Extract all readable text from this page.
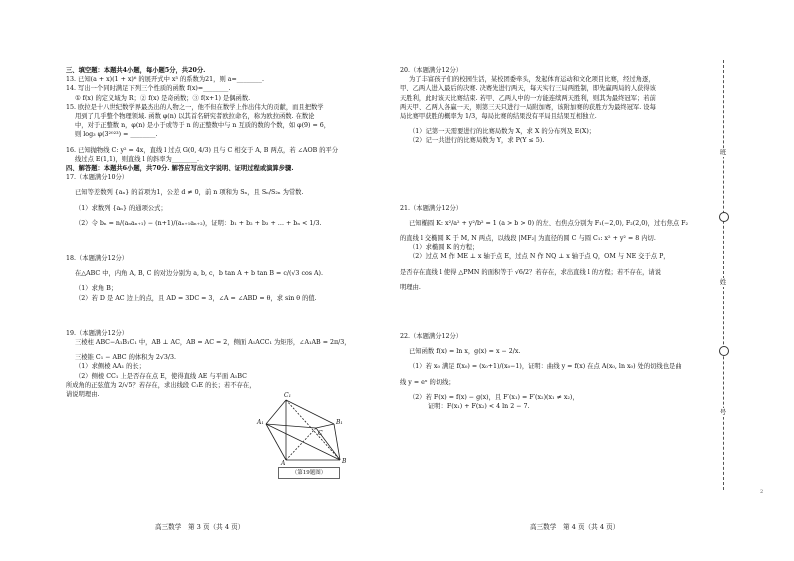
三、填空题：本题共4小题，每小题5分，共20分.

13. 已知(a + x)(1 + x)⁶ 的展开式中 x³ 的系数为21，则 a=________.

14. 写出一个同时满足下列三个性质的函数 f(x)=________.

① f(x) 的定义域为 R；② f(x) 是奇函数；③ f(x+1) 是偶函数.

15. 欧拉是十八世纪数学界最杰出的人物之一，他不但在数学上作出伟大的贡献，而且把数学

用到了几乎整个物理领域. 函数 φ(n) 以其首名研究者欧拉命名，称为欧拉函数. 在数论

中，对于正整数 n，φ(n) 是小于或等于 n 的正整数中与 n 互质的数的个数，如 φ(9) = 6，

则 log₃ φ(3²⁰²³) = ________.

16. 已知抛物线 C: y² = 4x，直线 l 过点 G(0, 4/3) 且与 C 相交于 A, B 两点，若 ∠AOB 的平分

线过点 E(1,1)，则直线 l 的斜率为________.

四、解答题：本题共6小题，共70分. 解答应写出文字说明、证明过程或演算步骤.

17.（本题满分10分）

已知等差数列 {aₙ} 的首项为1，公差 d ≠ 0，前 n 项和为 Sₙ，且 Sₙ/S₂ₙ 为常数.

（1）求数列 {aₙ} 的通项公式；

（2）令 bₙ = n/(aₙaₙ₊₁) − (n+1)/(aₙ₊₁aₙ₊₂)，证明：b₁ + b₂ + b₃ + … + bₙ < 1/3.

18.（本题满分12分）

在△ABC 中，内角 A, B, C 的对边分别为 a, b, c，b tan A + b tan B = c/(√3 cos A).

（1）求角 B；

（2）若 D 是 AC 边上的点，且 AD = 3DC = 3，∠A = ∠ABD = θ，求 sin θ 的值.

19.（本题满分12分）

三棱柱 ABC−A₁B₁C₁ 中，AB ⊥ AC，AB = AC = 2，侧面 A₁ACC₁ 为矩形，∠A₁AB = 2π/3，

三棱锥 C₁ − ABC 的体积为 2√3/3.

（1）求侧棱 AA₁ 的长；

（2）侧棱 CC₁ 上是否存在点 E，使得直线 AE 与平面 A₁BC

所成角的正弦值为 2/√5？若存在，求出线段 C₁E 的长；若不存在，

请说明理由.	C₁
A₁	B₁
C
A	B
（第19题图）

20.（本题满分12分）

为了丰富孩子们的校园生活，某校团委牵头，发起体育运动和文化项目比赛，经过角逐，

甲、乙两人进入最后的决赛. 决赛先进行两天，每天实行三局两胜制，即先赢两局的人获得该

天胜利，此时该天比赛结束. 若甲、乙两人中的一方能连续两天胜利，则其为最终冠军；若前

两天甲、乙两人各赢一天，则第三天只进行一局附加赛，该附加赛的获胜方为最终冠军. 设每

局比赛甲获胜的概率为 1/3，每局比赛的结果没有平局且结果互相独立.

（1）记第一天需要进行的比赛局数为 X，求 X 的分布列及 E(X)；

（2）记一共进行的比赛局数为 Y，求 P(Y ≤ 5).

21.（本题满分12分）

已知椭圆 K: x²/a² + y²/b² = 1 (a > b > 0) 的左、右焦点分别为 F₁(−2,0), F₂(2,0)，过右焦点 F₂

的直线 l 交椭圆 K 于 M, N 两点，以线段 |MF₂| 为直径的圆 C 与圆 C₁: x² + y² = 8 内切.

（1）求椭圆 K 的方程；

（2）过点 M 作 ME ⊥ x 轴于点 E，过点 N 作 NQ ⊥ x 轴于点 Q，OM 与 NE 交于点 P，

是否存在直线 l 使得 △PMN 的面积等于 √6/2？若存在，求出直线 l 的方程；若不存在，请说

明理由.

22.（本题满分12分）

已知函数 f(x) = ln x，g(x) = x − 2/x.

（1）若 x₀ 满足 f(x₀) = (x₀+1)/(x₀−1)，证明：曲线 y = f(x) 在点 A(x₀, ln x₀) 处的切线也是曲

线 y = eˣ 的切线；

（2）若 F(x) = f(x) − g(x)，且 F′(x₁) = F′(x₂)(x₁ ≠ x₂)，

证明：F(x₁) + F(x₂) < 4 ln 2 − 7.

高三数学　第 3 页（共 4 页）	高三数学　第 4 页（共 4 页）
班
姓
号
2
